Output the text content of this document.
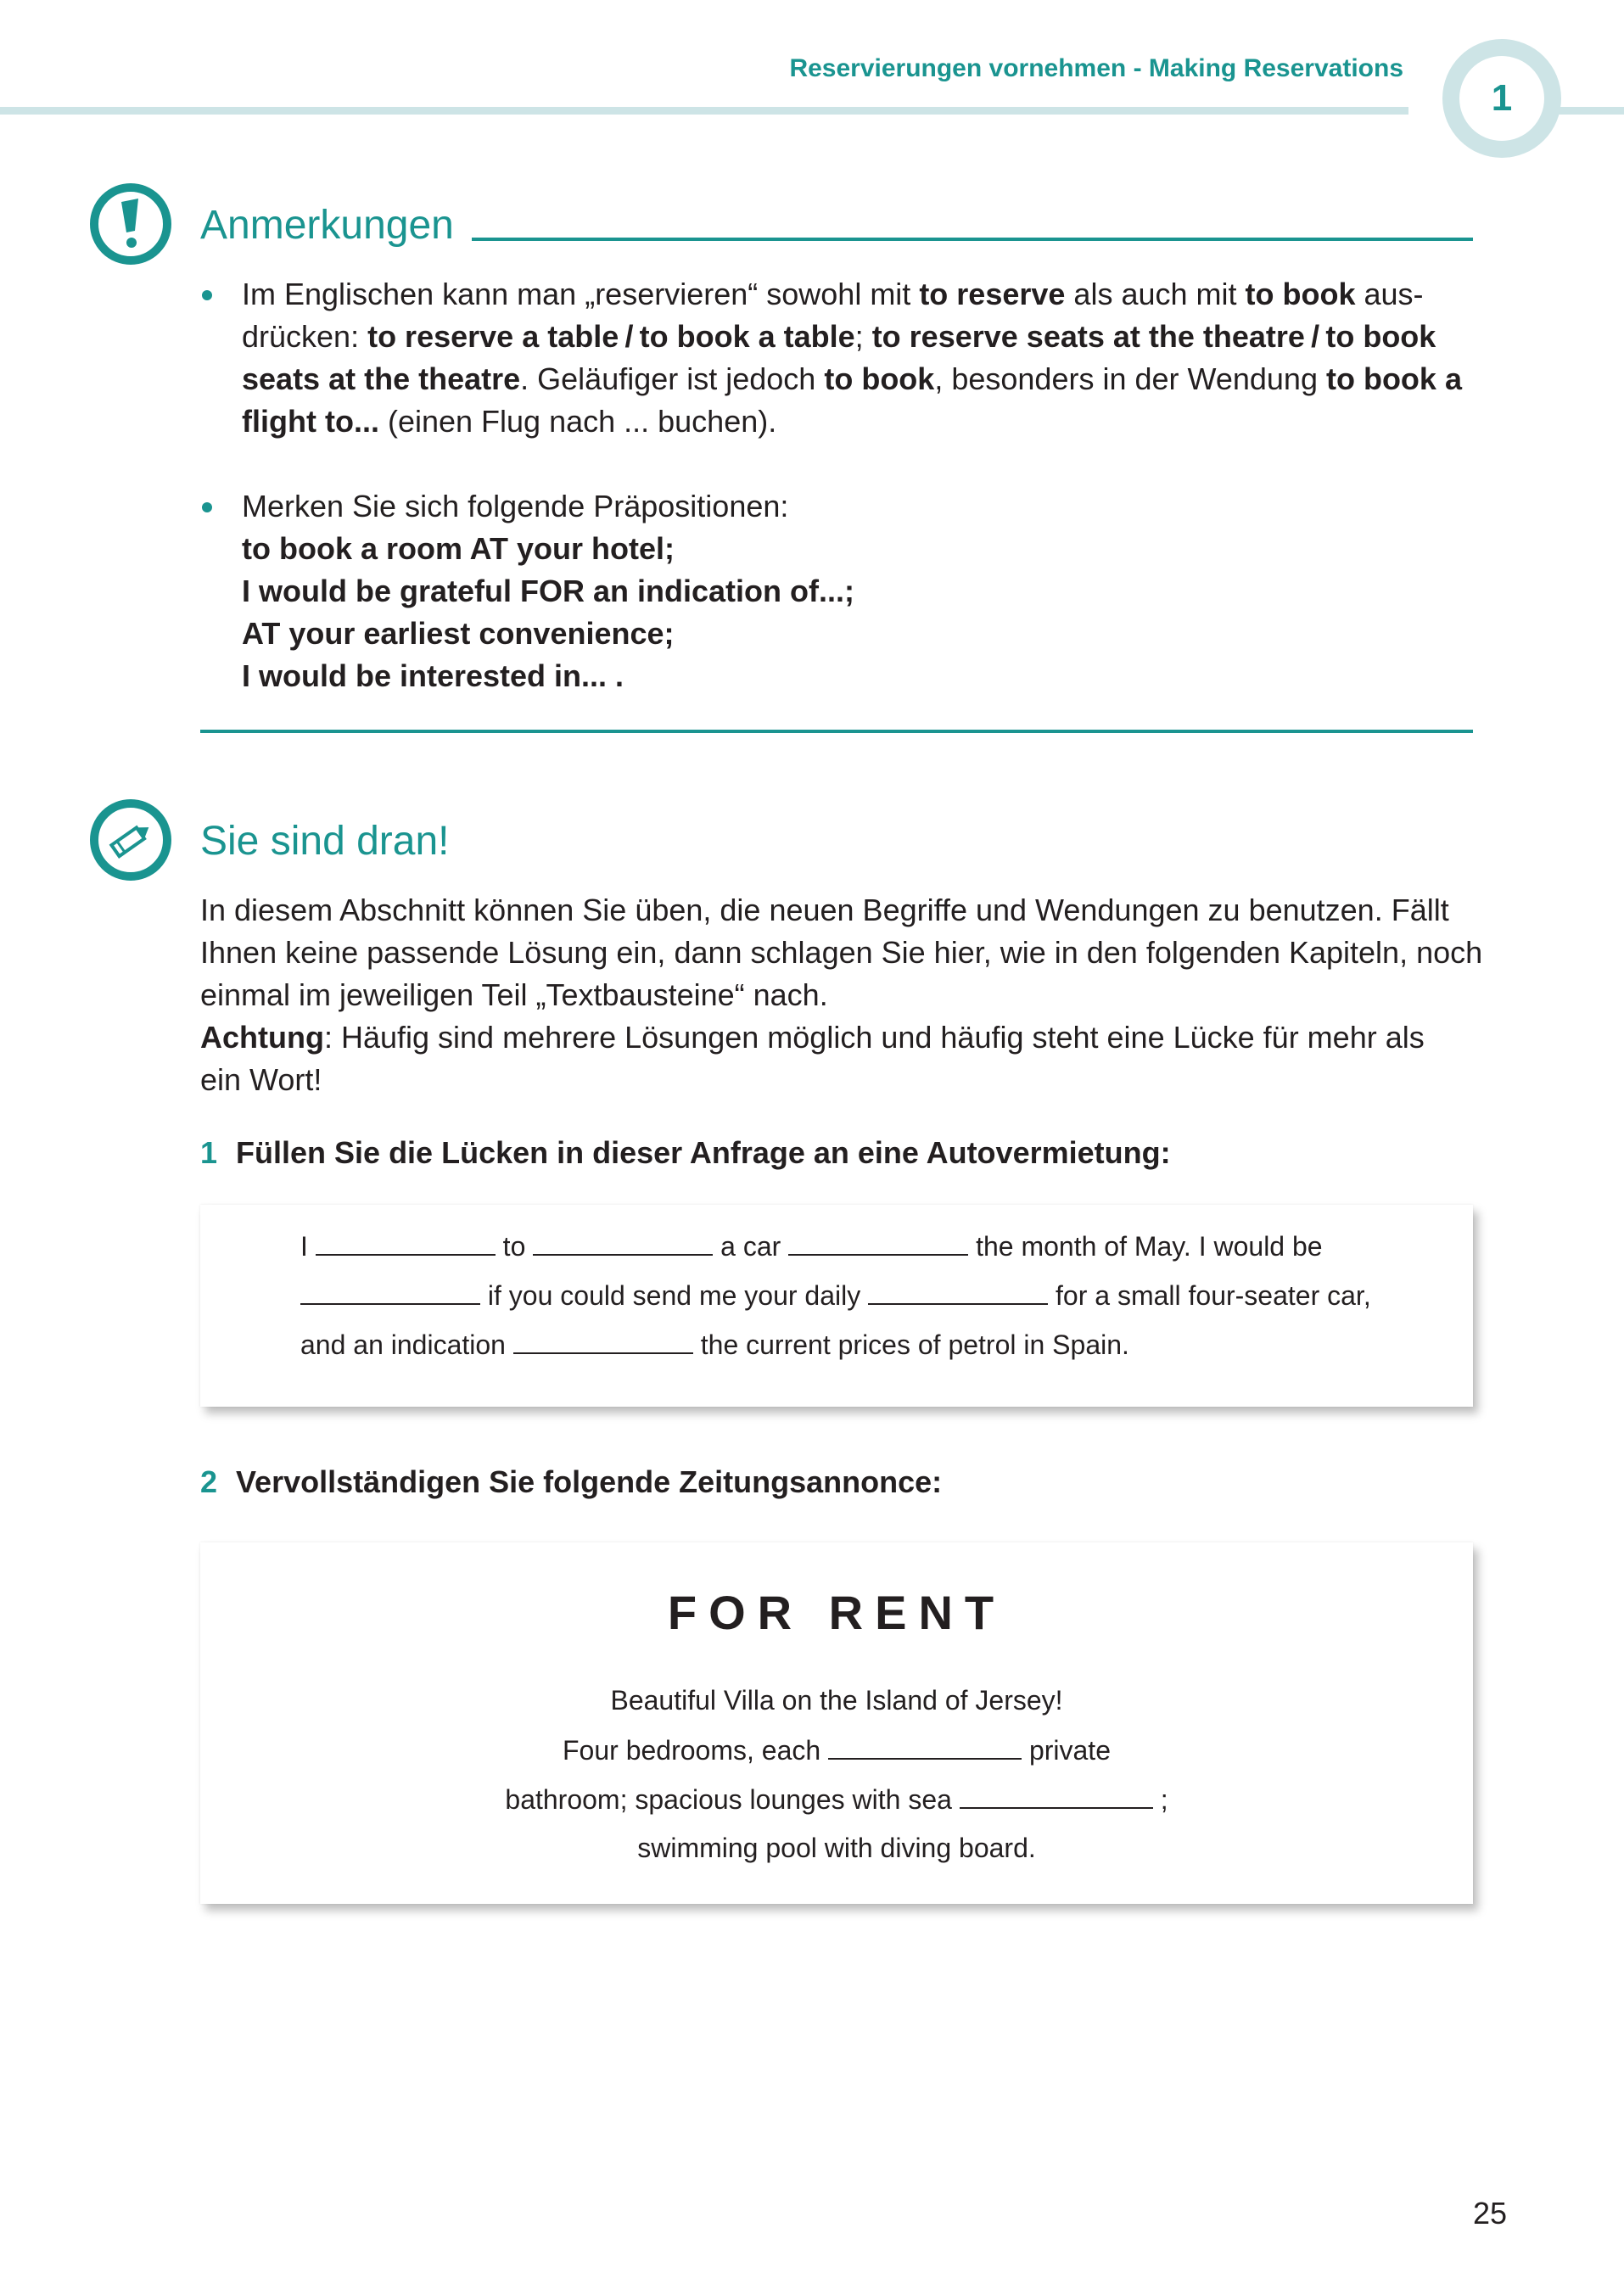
Reservierungen vornehmen - Making Reservations
1
Anmerkungen
Im Englischen kann man „reservieren“ sowohl mit to reserve als auch mit to book aus-
drücken: to reserve a table / to book a table; to reserve seats at the theatre / to book
seats at the theatre. Geläufiger ist jedoch to book, besonders in der Wendung to book a
flight to... (einen Flug nach ... buchen).
Merken Sie sich folgende Präpositionen:
to book a room AT your hotel;
I would be grateful FOR an indication of...;
AT your earliest convenience;
I would be interested in... .
Sie sind dran!
In diesem Abschnitt können Sie üben, die neuen Begriffe und Wendungen zu benutzen. Fällt
Ihnen keine passende Lösung ein, dann schlagen Sie hier, wie in den folgenden Kapiteln, noch
einmal im jeweiligen Teil „Textbausteine“ nach.
Achtung: Häufig sind mehrere Lösungen möglich und häufig steht eine Lücke für mehr als
ein Wort!
1 Füllen Sie die Lücken in dieser Anfrage an eine Autovermietung:
I	to	a car	the month of May. I would be
if you could send me your daily	for a small four-seater car,
and an indication	the current prices of petrol in Spain.
2 Vervollständigen Sie folgende Zeitungsannonce:
FOR RENT
Beautiful Villa on the Island of Jersey!
Four bedrooms, each	private
bathroom; spacious lounges with sea	;
swimming pool with diving board.
25
